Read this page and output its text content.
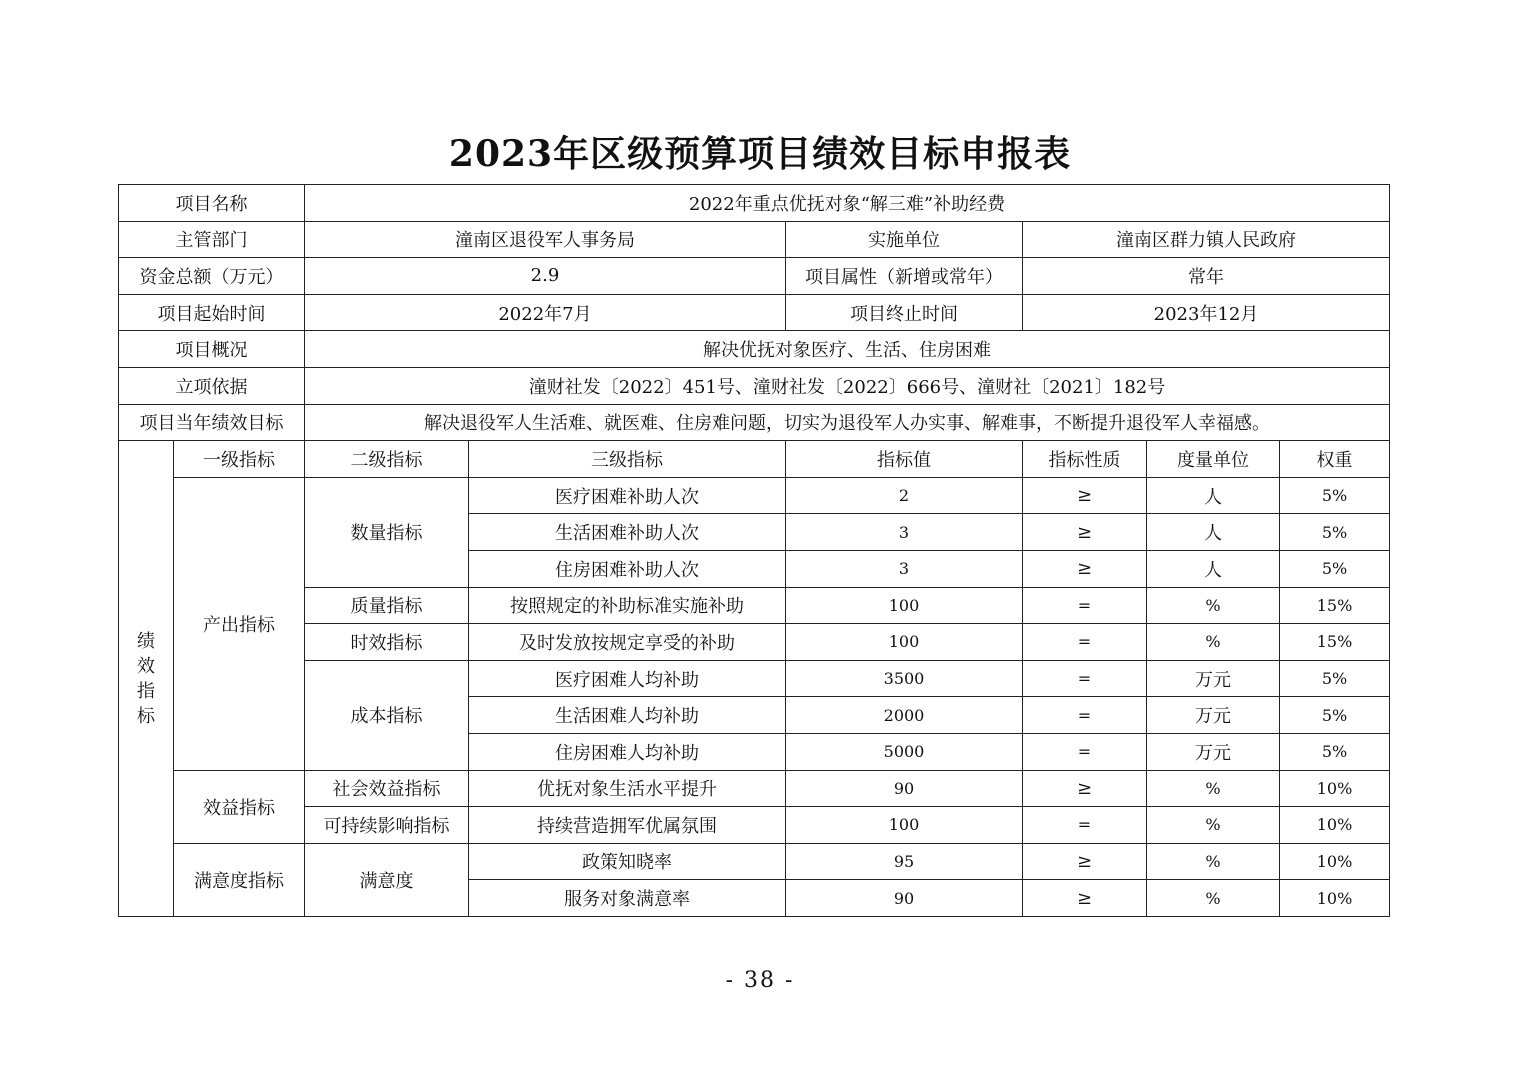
2023年区级预算项目绩效目标申报表
项目名称		2022年重点优抚对象“解三难”补助经费					
主管部门		潼南区退役军人事务局		实施单位	潼南区群力镇人民政府		
资金总额（万元）		2.9		项目属性（新增或常年）	常年		
项目起始时间		2022年7月		项目终止时间	2023年12月		
项目概况		解决优抚对象医疗、生活、住房困难					
立项依据		潼财社发〔2022〕451号、潼财社发〔2022〕666号、潼财社〔2021〕182号					
项目当年绩效目标		解决退役军人生活难、就医难、住房难问题，切实为退役军人办实事、解难事，不断提升退役军人幸福感。					

绩
效
指
标	一级指标	二级指标	三级指标	指标值	指标性质	度量单位	权重
	产出指标	数量指标	医疗困难补助人次	2	≥	人	5%
			生活困难补助人次	3	≥	人	5%
			住房困难补助人次	3	≥	人	5%
		质量指标	按照规定的补助标准实施补助	100	=	%	15%
		时效指标	及时发放按规定享受的补助	100	=	%	15%
		成本指标	医疗困难人均补助	3500	=	万元	5%
			生活困难人均补助	2000	=	万元	5%
			住房困难人均补助	5000	=	万元	5%
	效益指标	社会效益指标	优抚对象生活水平提升	90	≥	%	10%
		可持续影响指标	持续营造拥军优属氛围	100	=	%	10%
	满意度指标	满意度	政策知晓率	95	≥	%	10%
			服务对象满意率	90	≥	%	10%
- 38 -
